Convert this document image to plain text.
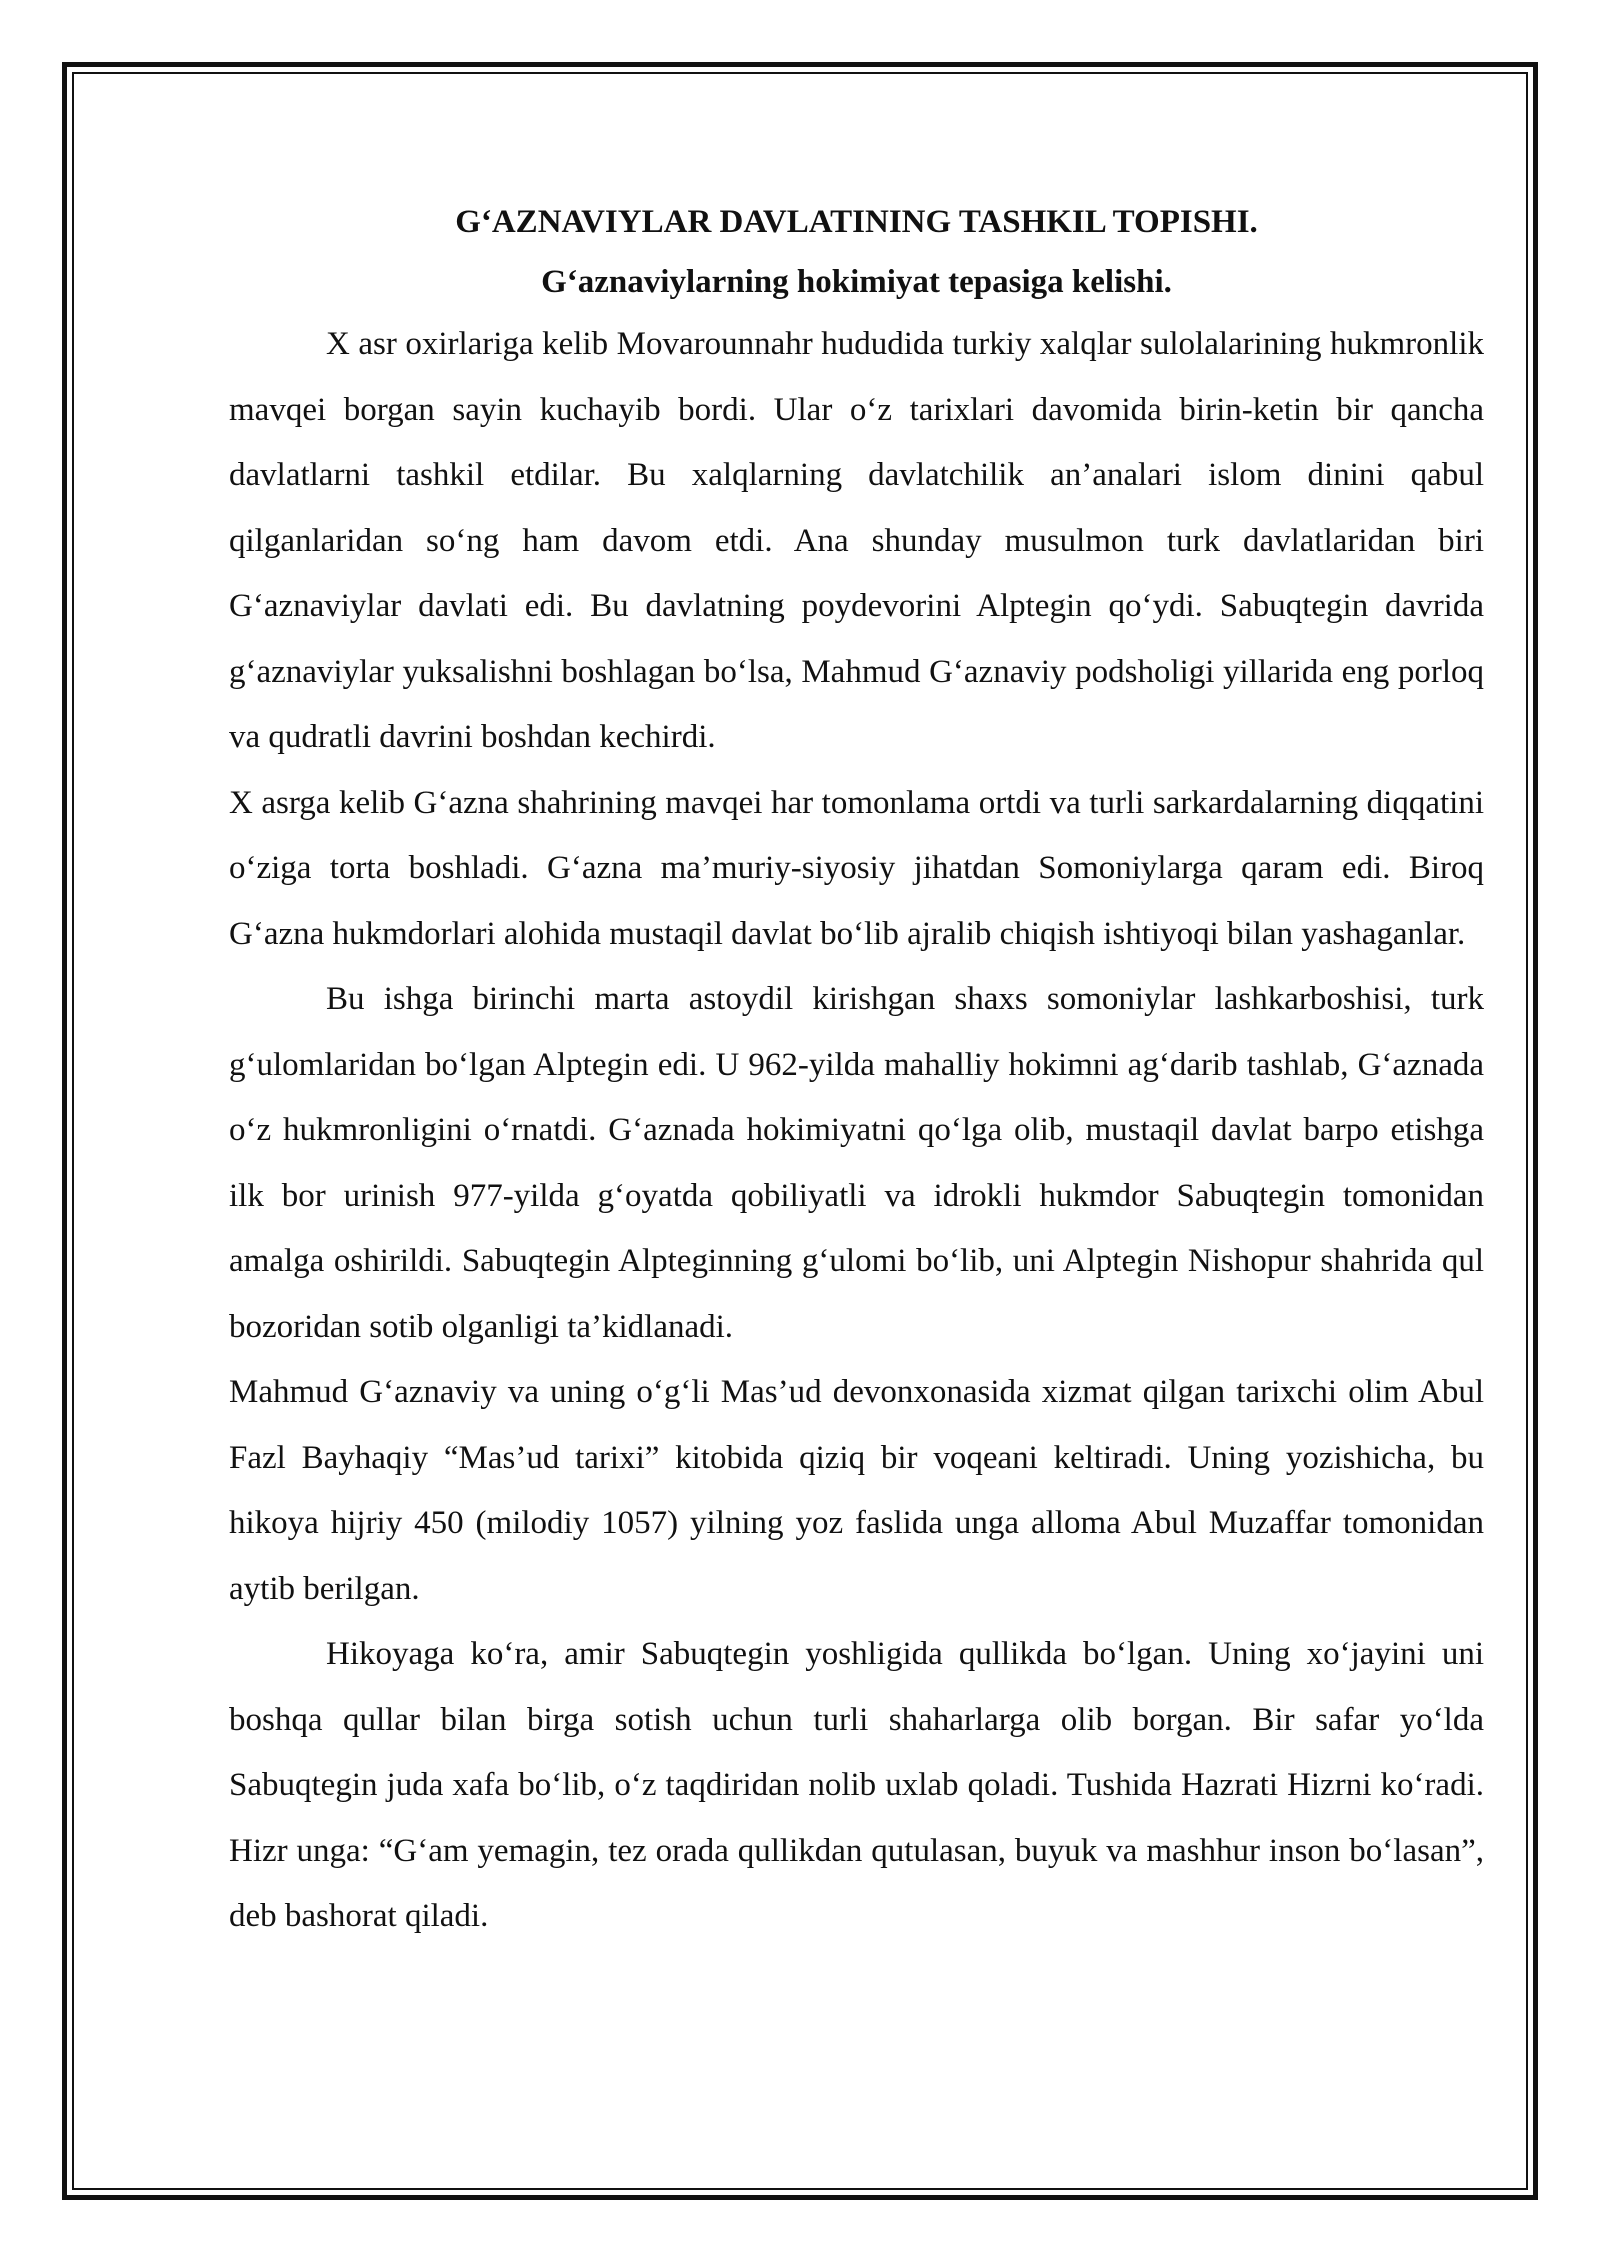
G‘AZNAVIYLAR DAVLATINING TASHKIL TOPISHI.
G‘aznaviylarning hokimiyat tepasiga kelishi.

X asr oxirlariga kelib Movarounnahr hududida turkiy xalqlar sulolalarining hukmronlik mavqei borgan sayin kuchayib bordi. Ular o‘z tarixlari davomida birin-ketin bir qancha davlatlarni tashkil etdilar. Bu xalqlarning davlatchilik an’analari islom dinini qabul qilganlaridan so‘ng ham davom etdi. Ana shunday musulmon turk davlatlaridan biri G‘aznaviylar davlati edi. Bu davlatning poydevorini Alptegin qo‘ydi. Sabuqtegin davrida g‘aznaviylar yuksalishni boshlagan bo‘lsa, Mahmud G‘aznaviy podsholigi yillarida eng porloq va qudratli davrini boshdan kechirdi.

X asrga kelib G‘azna shahrining mavqei har tomonlama ortdi va turli sarkardalarning diqqatini o‘ziga torta boshladi. G‘azna ma’muriy-siyosiy jihatdan Somoniylarga qaram edi. Biroq G‘azna hukmdorlari alohida mustaqil davlat bo‘lib ajralib chiqish ishtiyoqi bilan yashaganlar.

Bu ishga birinchi marta astoydil kirishgan shaxs somoniylar lashkarboshisi, turk g‘ulomlaridan bo‘lgan Alptegin edi. U 962-yilda mahalliy hokimni ag‘darib tashlab, G‘aznada o‘z hukmronligini o‘rnatdi. G‘aznada hokimiyatni qo‘lga olib, mustaqil davlat barpo etishga ilk bor urinish 977-yilda g‘oyatda qobiliyatli va idrokli hukmdor Sabuqtegin tomonidan amalga oshirildi. Sabuqtegin Alpteginning g‘ulomi bo‘lib, uni Alptegin Nishopur shahrida qul bozoridan sotib olganligi ta’kidlanadi.

Mahmud G‘aznaviy va uning o‘g‘li Mas’ud devonxonasida xizmat qilgan tarixchi olim Abul Fazl Bayhaqiy “Mas’ud tarixi” kitobida qiziq bir voqeani keltiradi. Uning yozishicha, bu hikoya hijriy 450 (milodiy 1057) yilning yoz faslida unga alloma Abul Muzaffar tomonidan aytib berilgan.

Hikoyaga ko‘ra, amir Sabuqtegin yoshligida qullikda bo‘lgan. Uning xo‘jayini uni boshqa qullar bilan birga sotish uchun turli shaharlarga olib borgan. Bir safar yo‘lda Sabuqtegin juda xafa bo‘lib, o‘z taqdiridan nolib uxlab qoladi. Tushida Hazrati Hizrni ko‘radi. Hizr unga: “G‘am yemagin, tez orada qullikdan qutulasan, buyuk va mashhur inson bo‘lasan”, deb bashorat qiladi.
